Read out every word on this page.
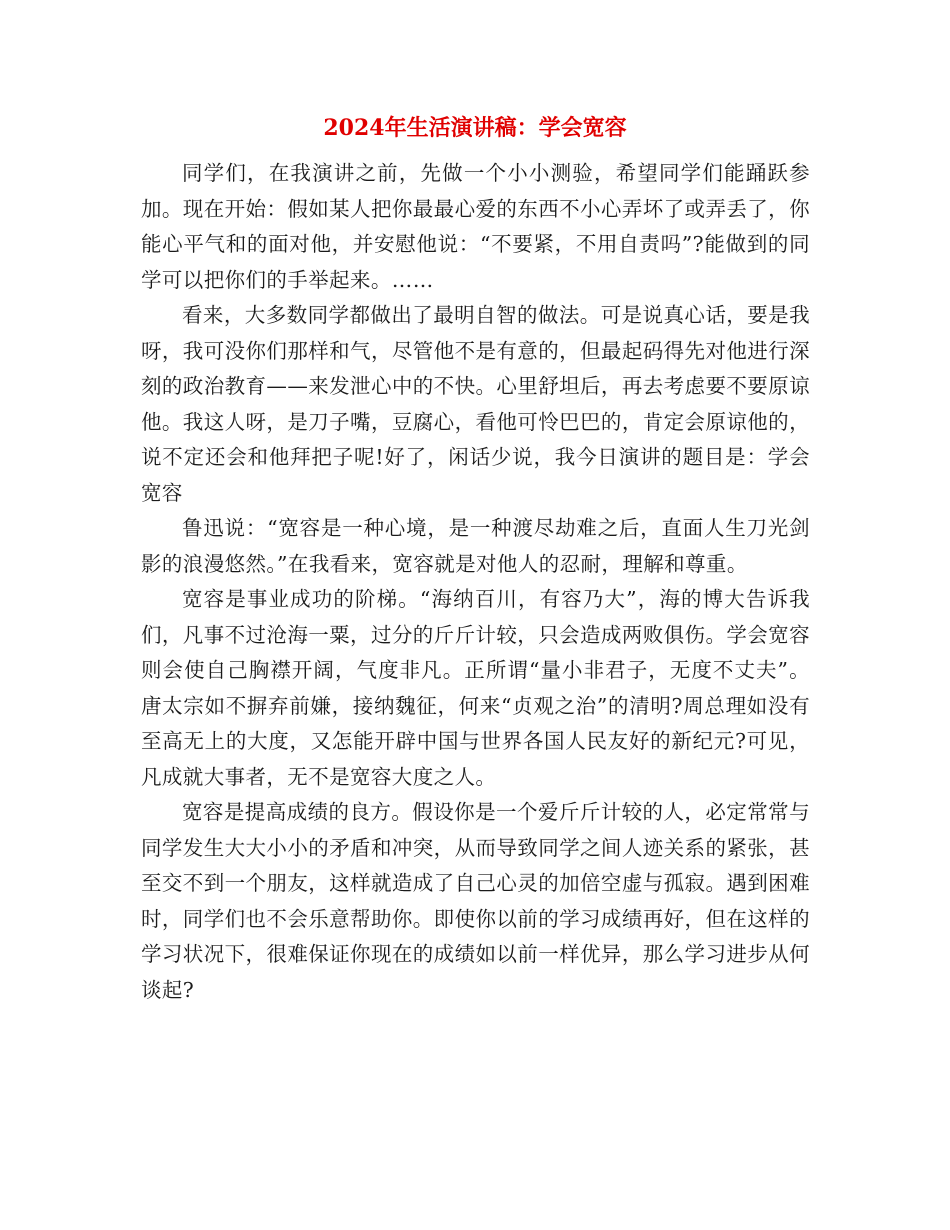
2024年生活演讲稿：学会宽容

同学们，在我演讲之前，先做一个小小测验，希望同学们能踊跃参加。现在开始：假如某人把你最最心爱的东西不小心弄坏了或弄丢了，你能心平气和的面对他，并安慰他说：“不要紧，不用自责吗”?能做到的同学可以把你们的手举起来。……

看来，大多数同学都做出了最明自智的做法。可是说真心话，要是我呀，我可没你们那样和气，尽管他不是有意的，但最起码得先对他进行深刻的政治教育——来发泄心中的不快。心里舒坦后，再去考虑要不要原谅他。我这人呀，是刀子嘴，豆腐心，看他可怜巴巴的，肯定会原谅他的，说不定还会和他拜把子呢!好了，闲话少说，我今日演讲的题目是：学会宽容

鲁迅说：“宽容是一种心境，是一种渡尽劫难之后，直面人生刀光剑影的浪漫悠然。”在我看来，宽容就是对他人的忍耐，理解和尊重。

宽容是事业成功的阶梯。“海纳百川，有容乃大”，海的博大告诉我们，凡事不过沧海一粟，过分的斤斤计较，只会造成两败俱伤。学会宽容则会使自己胸襟开阔，气度非凡。正所谓“量小非君子，无度不丈夫”。唐太宗如不摒弃前嫌，接纳魏征，何来“贞观之治”的清明?周总理如没有至高无上的大度，又怎能开辟中国与世界各国人民友好的新纪元?可见，凡成就大事者，无不是宽容大度之人。

宽容是提高成绩的良方。假设你是一个爱斤斤计较的人，必定常常与同学发生大大小小的矛盾和冲突，从而导致同学之间人迹关系的紧张，甚至交不到一个朋友，这样就造成了自己心灵的加倍空虚与孤寂。遇到困难时，同学们也不会乐意帮助你。即使你以前的学习成绩再好，但在这样的学习状况下，很难保证你现在的成绩如以前一样优异，那么学习进步从何谈起?
